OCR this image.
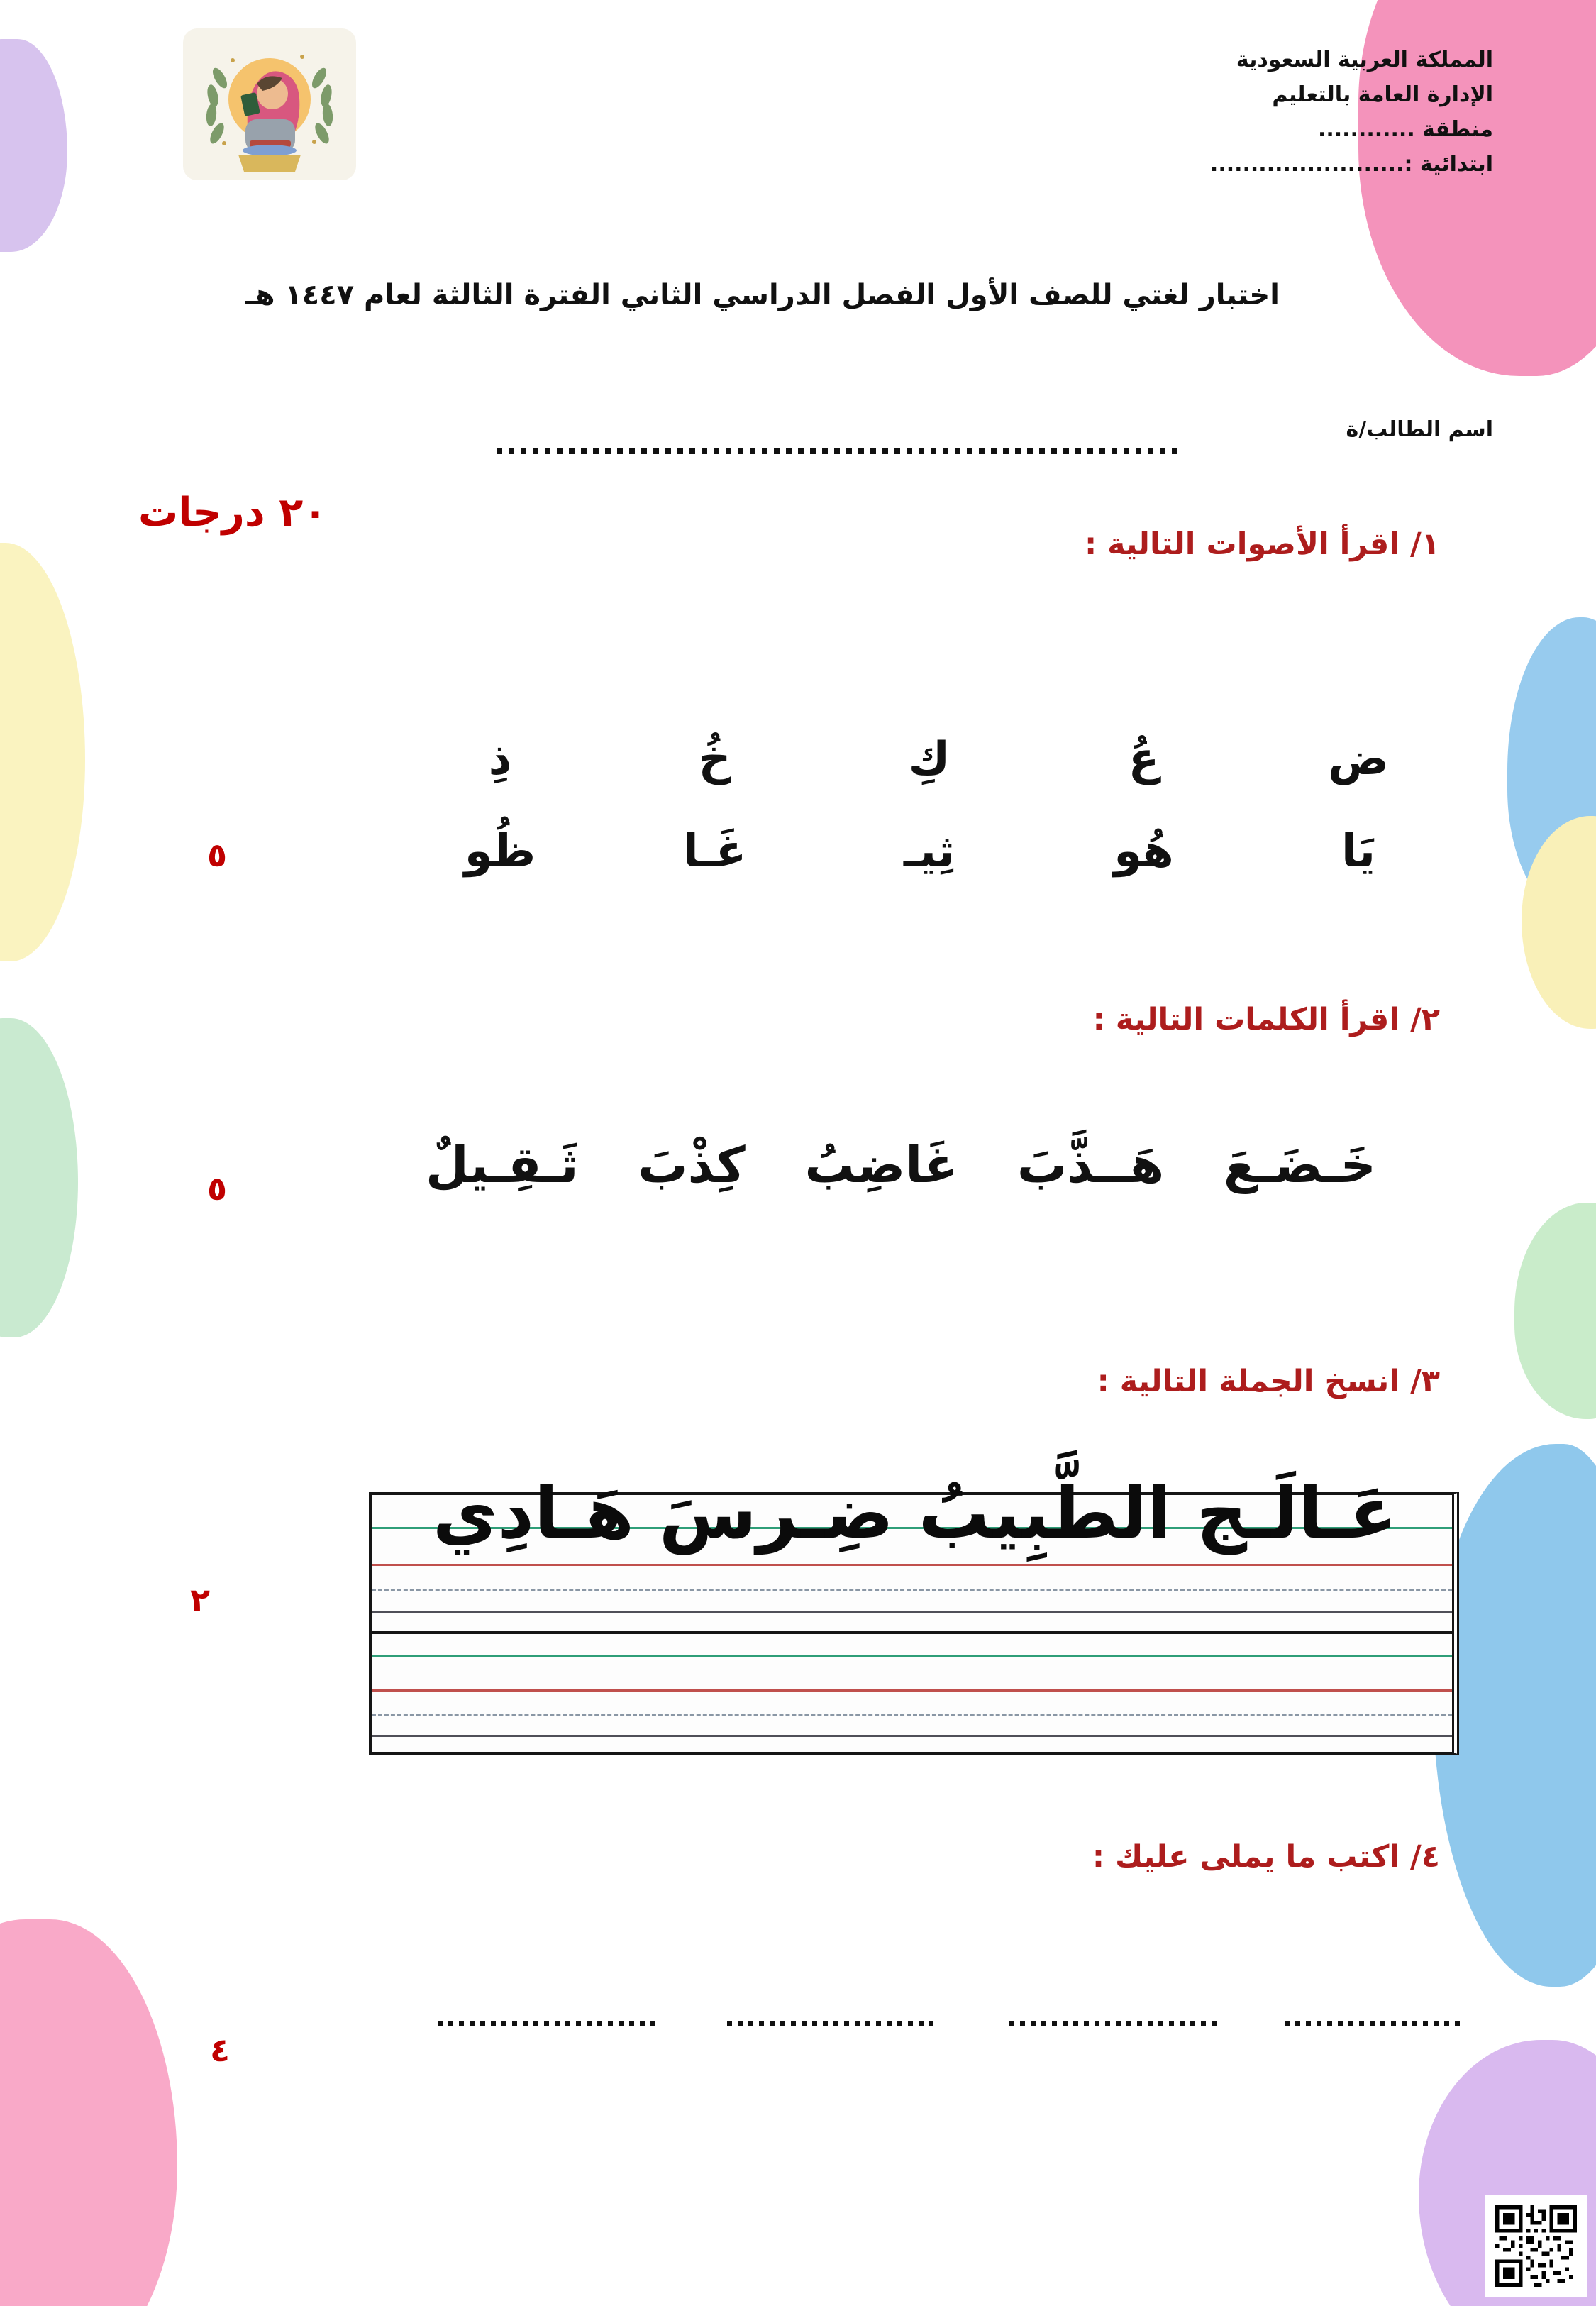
المملكة العربية السعودية
الإدارة العامة بالتعليم
منطقة ............
ابتدائية :........................
اختبار لغتي للصف الأول الفصل الدراسي الثاني الفترة الثالثة لعام ١٤٤٧ هـ
اسم الطالب/ة
٢٠ درجات
١/ اقرأ الأصوات التالية :
ض
عُ
كِ
خُ
ذِ
يَا
هُو
ثِيـ
غَـا
ظُو
٥
٢/ اقرأ الكلمات التالية :
خَـضَـعَ
هَــذَّبَ
غَاضِبُ
كِذْبَ
ثَـقِـيلٌ
٥
٣/ انسخ الجملة التالية :
عَـالَـج الطَّبِيبُ ضِـرسَ هَـادِي
٢
٤/ اكتب ما يملى عليك :
٤
